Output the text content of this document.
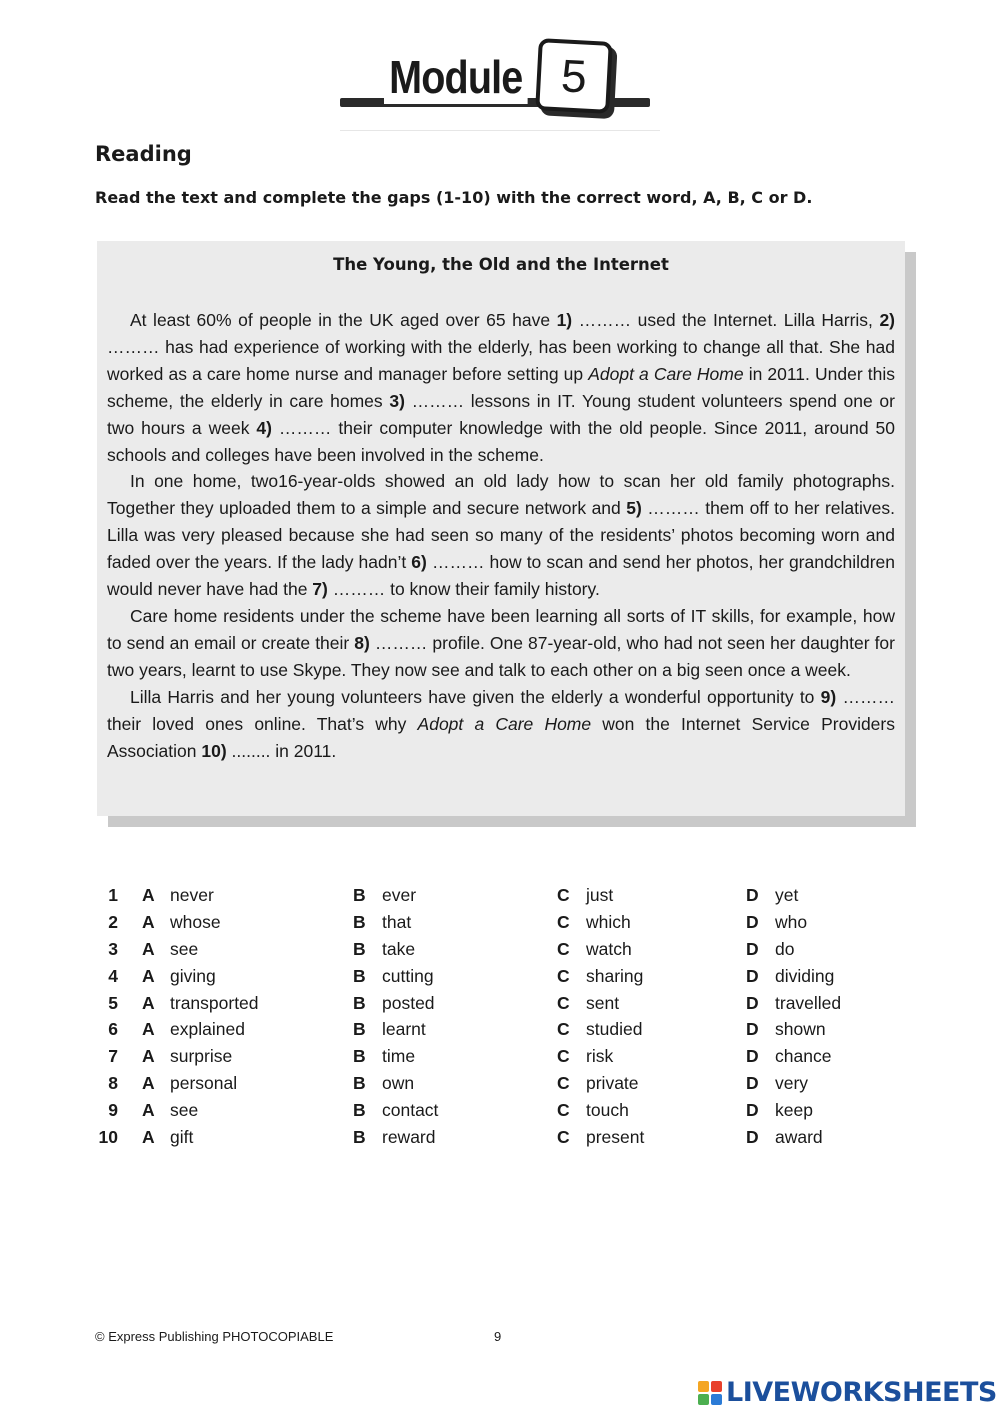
Module 5
Reading
Read the text and complete the gaps (1-10) with the correct word, A, B, C or D.
The Young, the Old and the Internet

At least 60% of people in the UK aged over 65 have 1) ……… used the Internet. Lilla Harris, 2) ……… has had experience of working with the elderly, has been working to change all that. She had worked as a care home nurse and manager before setting up Adopt a Care Home in 2011. Under this scheme, the elderly in care homes 3) ……… lessons in IT. Young student volunteers spend one or two hours a week 4) ……… their computer knowledge with the old people. Since 2011, around 50 schools and colleges have been involved in the scheme.

In one home, two16-year-olds showed an old lady how to scan her old family photographs. Together they uploaded them to a simple and secure network and 5) ……… them off to her relatives. Lilla was very pleased because she had seen so many of the residents’ photos becoming worn and faded over the years. If the lady hadn’t 6) ……… how to scan and send her photos, her grandchildren would never have had the 7) ……… to know their family history.

Care home residents under the scheme have been learning all sorts of IT skills, for example, how to send an email or create their 8) ……… profile. One 87-year-old, who had not seen her daughter for two years, learnt to use Skype. They now see and talk to each other on a big seen once a week.

Lilla Harris and her young volunteers have given the elderly a wonderful opportunity to 9) ……… their loved ones online. That’s why Adopt a Care Home won the Internet Service Providers Association 10) ........ in 2011.

1 A never	B ever	C just	D yet
2 A whose	B that	C which	D who
3 A see	B take	C watch	D do
4 A giving	B cutting	C sharing	D dividing
5 A transported	B posted	C sent	D travelled
6 A explained	B learnt	C studied	D shown
7 A surprise	B time	C risk	D chance
8 A personal	B own	C private	D very
9 A see	B contact	C touch	D keep
10 A gift	B reward	C present	D award
© Express Publishing PHOTOCOPIABLE	9
LIVEWORKSHEETS
